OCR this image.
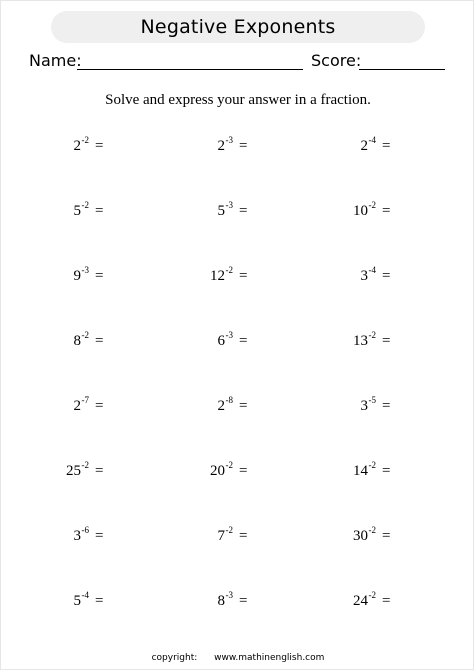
Negative Exponents
Name:	Score:
Solve and express your answer in a fraction.
$2^{-2}$ =	$2^{-3}$ =	$2^{-4}$ =
$5^{-2}$ =	$5^{-3}$ =	$10^{-2}$ =
$9^{-3}$ =	$12^{-2}$ =	$3^{-4}$ =
$8^{-2}$ =	$6^{-3}$ =	$13^{-2}$ =
$2^{-7}$ =	$2^{-8}$ =	$3^{-5}$ =
$25^{-2}$ =	$20^{-2}$ =	$14^{-2}$ =
$3^{-6}$ =	$7^{-2}$ =	$30^{-2}$ =
$5^{-4}$ =	$8^{-3}$ =	$24^{-2}$ =
copyright: www.mathinenglish.com
